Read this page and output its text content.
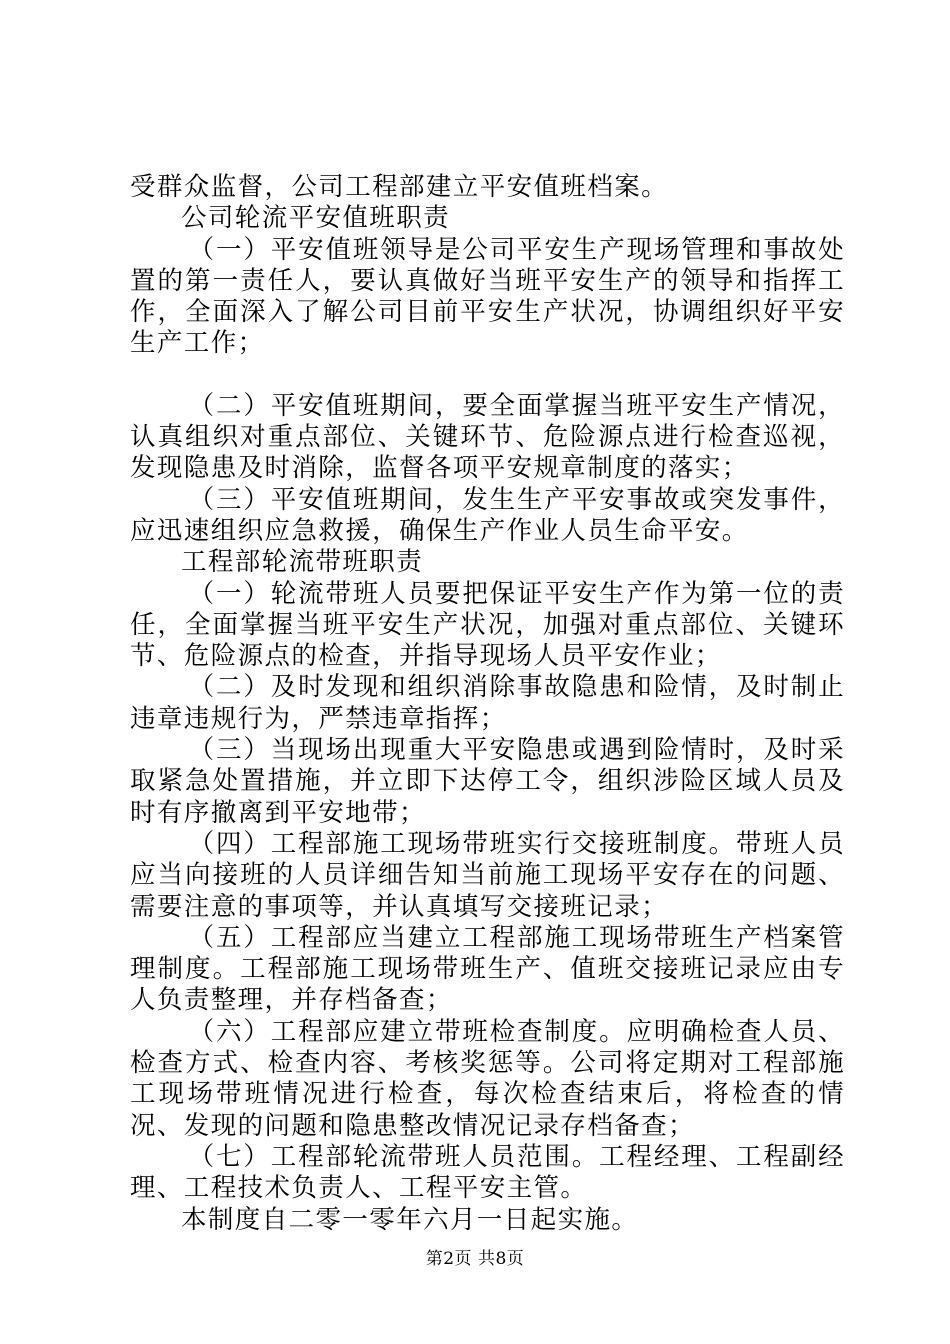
受群众监督，公司工程部建立平安值班档案。

公司轮流平安值班职责

（一）平安值班领导是公司平安生产现场管理和事故处置的第一责任人，要认真做好当班平安生产的领导和指挥工作，全面深入了解公司目前平安生产状况，协调组织好平安生产工作；

（二）平安值班期间，要全面掌握当班平安生产情况，认真组织对重点部位、关键环节、危险源点进行检查巡视，发现隐患及时消除，监督各项平安规章制度的落实；

（三）平安值班期间，发生生产平安事故或突发事件，应迅速组织应急救援，确保生产作业人员生命平安。

工程部轮流带班职责

（一）轮流带班人员要把保证平安生产作为第一位的责任，全面掌握当班平安生产状况，加强对重点部位、关键环节、危险源点的检查，并指导现场人员平安作业；

（二）及时发现和组织消除事故隐患和险情，及时制止违章违规行为，严禁违章指挥；

（三）当现场出现重大平安隐患或遇到险情时，及时采取紧急处置措施，并立即下达停工令，组织涉险区域人员及时有序撤离到平安地带；

（四）工程部施工现场带班实行交接班制度。带班人员应当向接班的人员详细告知当前施工现场平安存在的问题、需要注意的事项等，并认真填写交接班记录；

（五）工程部应当建立工程部施工现场带班生产档案管理制度。工程部施工现场带班生产、值班交接班记录应由专人负责整理，并存档备查；

（六）工程部应建立带班检查制度。应明确检查人员、检查方式、检查内容、考核奖惩等。公司将定期对工程部施工现场带班情况进行检查，每次检查结束后，将检查的情况、发现的问题和隐患整改情况记录存档备查；

（七）工程部轮流带班人员范围。工程经理、工程副经理、工程技术负责人、工程平安主管。

本制度自二零一零年六月一日起实施。

第2页 共8页
